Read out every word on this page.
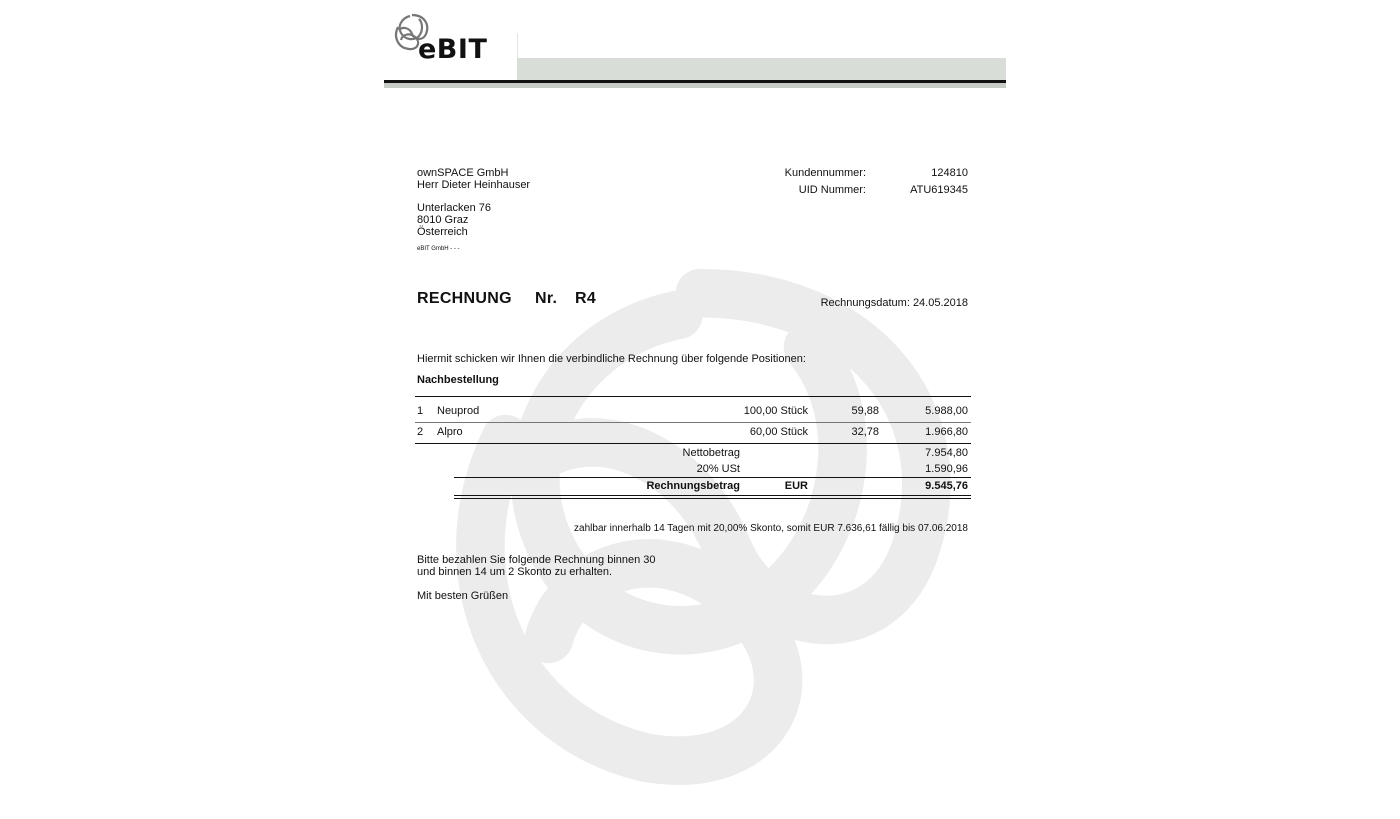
eBIT
ownSPACE GmbH
Herr Dieter Heinhauser
Unterlacken 76
8010 Graz
Österreich
eBIT GmbH - - -
Kundennummer:	124810
UID Nummer:	ATU619345
RECHNUNG Nr. R4	Rechnungsdatum: 24.05.2018
Hiermit schicken wir Ihnen die verbindliche Rechnung über folgende Positionen:
Nachbestellung
1 Neuprod	100,00 Stück	59,88	5.988,00
2 Alpro	60,00 Stück	32,78	1.966,80
Nettobetrag	7.954,80
20% USt	1.590,96
Rechnungsbetrag	EUR	9.545,76
zahlbar innerhalb 14 Tagen mit 20,00% Skonto, somit EUR 7.636,61 fällig bis 07.06.2018
Bitte bezahlen Sie folgende Rechnung binnen 30
und binnen 14 um 2 Skonto zu erhalten.
Mit besten Grüßen
